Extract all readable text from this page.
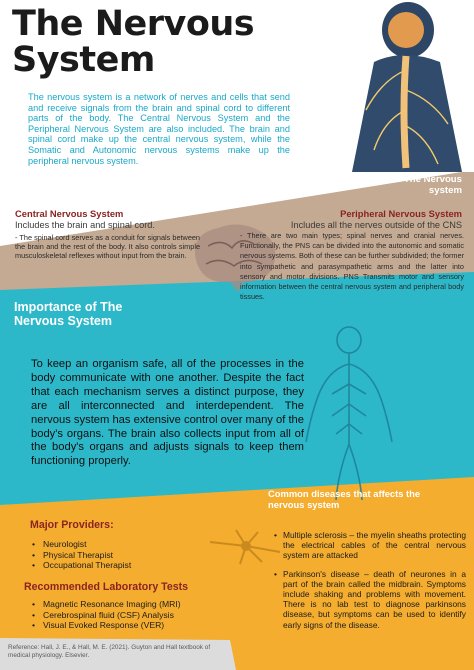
The Nervous
System
The nervous system is a network of nerves and cells that send and receive signals from the brain and spinal cord to different parts of the body. The Central Nervous System and the Peripheral Nervous System are also included. The brain and spinal cord make up the central nervous system, while the Somatic and Autonomic nervous systems make up the peripheral nervous system.
Function and Structure of The Nervous system
Central Nervous System
Includes the brain and spinal cord.
- The spinal cord serves as a conduit for signals between the brain and the rest of the body. It also controls simple musculoskeletal reflexes without input from the brain.
Peripheral Nervous System
Includes all the nerves outside of the CNS
- There are two main types; spinal nerves and cranial nerves. Functionally, the PNS can be divided into the autonomic and somatic nervous systems. Both of these can be further subdivided; the former into sympathetic and parasympathetic arms and the latter into sensory and motor divisions. PNS Transmits motor and sensory information between the central nervous system and peripheral body tissues.
Importance of The
Nervous System
To keep an organism safe, all of the processes in the body communicate with one another. Despite the fact that each mechanism serves a distinct purpose, they are all interconnected and interdependent. The nervous system has extensive control over many of the body's organs. The brain also collects input from all of the body's organs and adjusts signals to keep them functioning properly.
Common diseases that affects the nervous system
• Multiple sclerosis – the myelin sheaths protecting the electrical cables of the central nervous system are attacked
• Parkinson's disease – death of neurones in a part of the brain called the midbrain. Symptoms include shaking and problems with movement. There is no lab test to diagnose parkinsons disease, but symptoms can be used to identify early signs of the disease.
Major Providers:
• Neurologist
• Physical Therapist
• Occupational Therapist
Recommended Laboratory Tests
• Magnetic Resonance Imaging (MRI)
• Cerebrospinal fluid (CSF) Analysis
• Visual Evoked Response (VER)
Reference: Hall, J. E., & Hall, M. E. (2021). Guyton and Hall textbook of medical physiology. Elsevier.
